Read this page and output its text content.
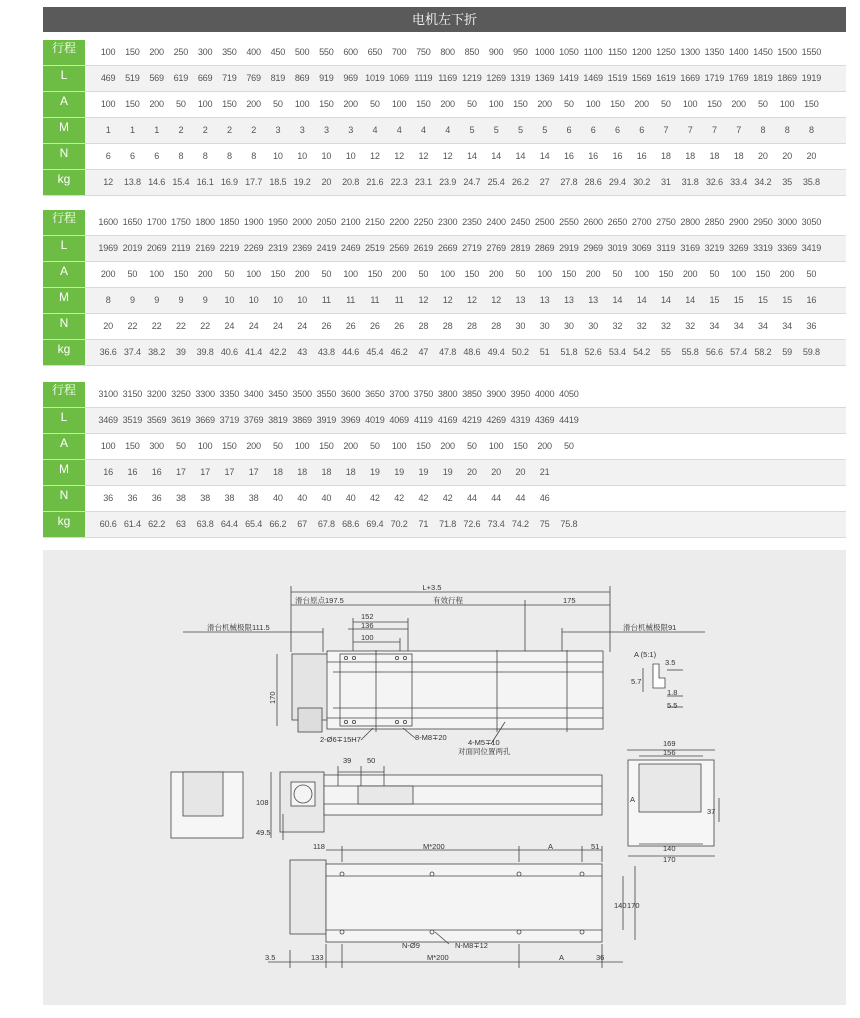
电机左下折
行程	100	150	200	250	300	350	400	450	500	550	600	650	700	750	800	850	900	950 1000 1050 1100 1150 1200 1250 1300 1350 1400 1450 1500 1550
L	469	519	569	619	669	719	769	819	869	919	969 1019 1069 1119 1169 1219 1269 1319 1369 1419 1469 1519 1569 1619 1669 1719 1769 1819 1869 1919
A	100	150	200	50	100	150	200	50	100	150	200	50	100	150	200	50	100	150	200	50	100	150	200	50	100	150	200	50	100	150
M	1	1	1	2	2	2	2	3	3	3	3	4	4	4	4	5	5	5	5	6	6	6	6	7	7	7	7	8	8	8
N	6	6	6	8	8	8	8	10	10	10	10	12	12	12	12	14	14	14	14	16	16	16	16	18	18	18	18	20	20	20
kg	12	13.8 14.6 15.4 16.1 16.9 17.7 18.5 19.2	20	20.8 21.6 22.3 23.1 23.9 24.7 25.4 26.2	27	27.8 28.6 29.4 30.2	31	31.8 32.6 33.4 34.2	35	35.8
行程	1600 1650 1700 1750 1800 1850 1900 1950 2000 2050 2100 2150 2200 2250 2300 2350 2400 2450 2500 2550 2600 2650 2700 2750 2800 2850 2900 2950 3000 3050
L	1969 2019 2069 2119 2169 2219 2269 2319 2369 2419 2469 2519 2569 2619 2669 2719 2769 2819 2869 2919 2969 3019 3069 3119 3169 3219 3269 3319 3369 3419
A	200	50	100	150	200	50	100	150	200	50	100	150	200	50	100	150	200	50	100	150	200	50	100	150	200	50	100	150	200	50
M	8	9	9	9	9	10	10	10	10	11	11	11	11	12	12	12	12	13	13	13	13	14	14	14	14	15	15	15	15	16
N	20	22	22	22	22	24	24	24	24	26	26	26	26	28	28	28	28	30	30	30	30	32	32	32	32	34	34	34	34	36
kg	36.6 37.4 38.2	39	39.8 40.6 41.4 42.2	43	43.8 44.6 45.4 46.2	47	47.8 48.6 49.4 50.2	51	51.8 52.6 53.4 54.2	55	55.8 56.6 57.4 58.2	59	59.8
行程	3100 3150 3200 3250 3300 3350 3400 3450 3500 3550 3600 3650 3700 3750 3800 3850 3900 3950 4000 4050
L	3469 3519 3569 3619 3669 3719 3769 3819 3869 3919 3969 4019 4069 4119 4169 4219 4269 4319 4369 4419
A	100	150	300	50	100	150	200	50	100	150	200	50	100	150	200	50	100	150	200	50
M	16	16	16	17	17	17	17	18	18	18	18	19	19	19	19	20	20	20	21
N	36	36	36	38	38	38	38	40	40	40	40	42	42	42	42	44	44	44	46
kg	60.6 61.4 62.2	63	63.8 64.4 65.4 66.2	67	67.8 68.6 69.4 70.2	71	71.8 72.6 73.4 74.2	75	75.8
L+3.5
滑台原点197.5	有效行程	175
滑台机械极限111.5	滑台机械极限91
152
136
100
170
2-Ø6∓15H7	8-M8∓20
4-M5∓10
对面同位置两孔
A (5:1)
3.5
5.7
1.8
5.5
169
156
37
140
170
39 50
108
49.5
118	M*200	A	51
140 170
N-Ø9	N-M8∓12
3.5	133	M*200	A	36
A
